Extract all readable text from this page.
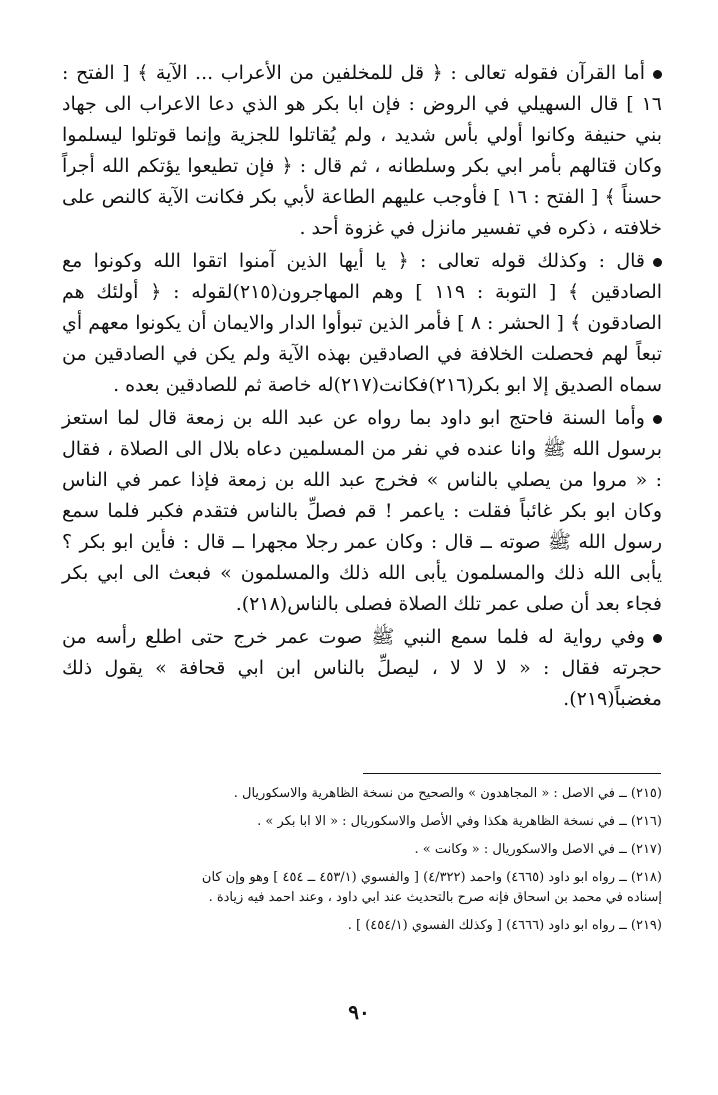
أما القرآن فقوله تعالى : ﴿ قل للمخلفين من الأعراب ... الآية ﴾ [ الفتح : ١٦ ] قال السهيلي في الروض : فإن ابا بكر هو الذي دعا الاعراب الى جهاد بني حنيفة وكانوا أولي بأس شديد ، ولم يُقاتلوا للجزية وإنما قوتلوا ليسلموا وكان قتالهم بأمر ابي بكر وسلطانه ، ثم قال : ﴿ فإن تطيعوا يؤتكم الله أجراً حسناً ﴾ [ الفتح : ١٦ ] فأوجب عليهم الطاعة لأبي بكر فكانت الآية كالنص على خلافته ، ذكره في تفسير مانزل في غزوة أحد .

قال : وكذلك قوله تعالى : ﴿ يا أيها الذين آمنوا اتقوا الله وكونوا مع الصادقين ﴾ [ التوبة : ١١٩ ] وهم المهاجرون(٢١٥)لقوله : ﴿ أولئك هم الصادقون ﴾ [ الحشر : ٨ ] فأمر الذين تبوأوا الدار والايمان أن يكونوا معهم أي تبعاً لهم فحصلت الخلافة في الصادقين بهذه الآية ولم يكن في الصادقين من سماه الصديق إلا ابو بكر(٢١٦)فكانت(٢١٧)له خاصة ثم للصادقين بعده .

وأما السنة فاحتج ابو داود بما رواه عن عبد الله بن زمعة قال لما استعز برسول الله ﷺ وانا عنده في نفر من المسلمين دعاه بلال الى الصلاة ، فقال : « مروا من يصلي بالناس » فخرج عبد الله بن زمعة فإذا عمر في الناس وكان ابو بكر غائباً فقلت : ياعمر ! قم فصلِّ بالناس فتقدم فكبر فلما سمع رسول الله ﷺ صوته ــ قال : وكان عمر رجلا مجهرا ــ قال : فأين ابو بكر ؟ يأبى الله ذلك والمسلمون يأبى الله ذلك والمسلمون » فبعث الى ابي بكر فجاء بعد أن صلى عمر تلك الصلاة فصلى بالناس(٢١٨).

وفي رواية له فلما سمع النبي ﷺ صوت عمر خرج حتى اطلع رأسه من حجرته فقال : « لا لا لا ، ليصلِّ بالناس ابن ابي قحافة » يقول ذلك مغضباً(٢١٩).

(٢١٥) ــ في الاصل : « المجاهدون » والصحيح من نسخة الظاهرية والاسكوريال .

(٢١٦) ــ في نسخة الظاهرية هكذا وفي الأصل والاسكوريال : « الا ابا بكر » .

(٢١٧) ــ في الاصل والاسكوريال : « وكانت » .

(٢١٨) ــ رواه ابو داود (٤٦٦٥) واحمد (٤/٣٢٢) [ والفسوي (٤٥٣/١ ــ ٤٥٤ ] وهو وإن كان

إسناده في محمد بن اسحاق فإنه صرح بالتحديث عند ابي داود ، وعند احمد فيه زيادة .

(٢١٩) ــ رواه ابو داود (٤٦٦٦) [ وكذلك الفسوي (٤٥٤/١) ] .

٩٠
